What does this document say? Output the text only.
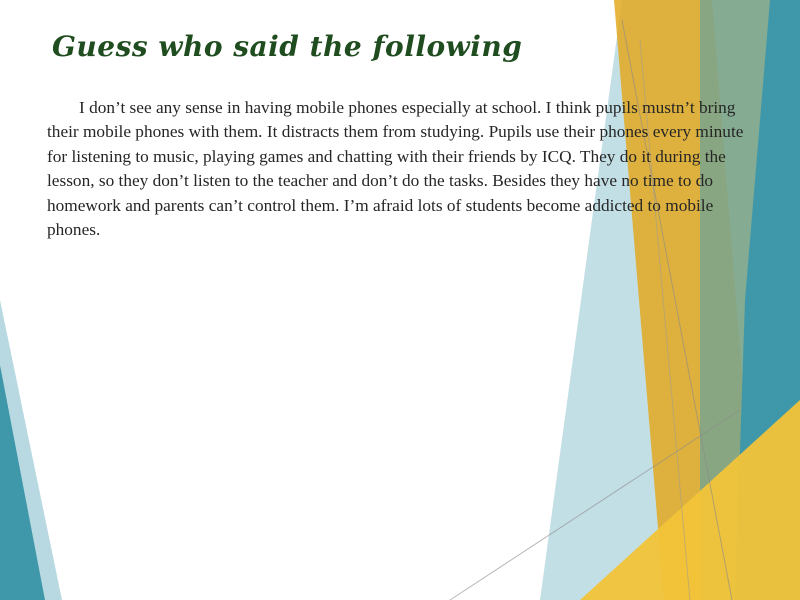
Guess who said the following

I don’t see any sense in having mobile phones especially at school. I think pupils mustn’t bring their mobile phones with them. It distracts them from studying. Pupils use their phones every minute for listening to music, playing games and chatting with their friends by ICQ. They do it during the lesson, so they don’t listen to the teacher and don’t do the tasks. Besides they have no time to do homework and parents can’t control them. I’m afraid lots of students become addicted to mobile phones.
